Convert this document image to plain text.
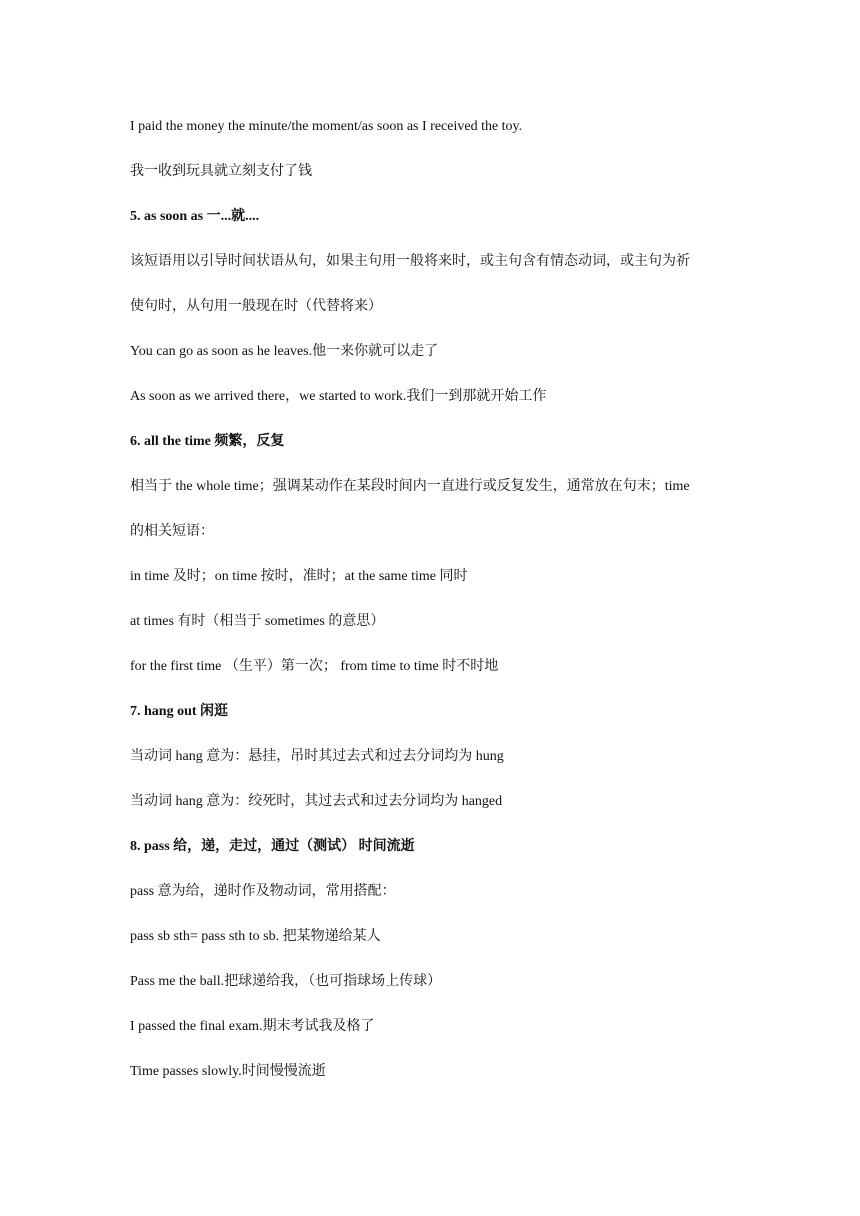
I paid the money the minute/the moment/as soon as I received the toy.
我一收到玩具就立刻支付了钱
5. as soon as 一...就....
该短语用以引导时间状语从句，如果主句用一般将来时，或主句含有情态动词，或主句为祈
使句时，从句用一般现在时（代替将来）
You can go as soon as he leaves.他一来你就可以走了
As soon as we arrived there，we started to work.我们一到那就开始工作
6. all the time 频繁，反复
相当于 the whole time；强调某动作在某段时间内一直进行或反复发生，通常放在句末；time
的相关短语：
in time 及时；on time 按时，准时；at the same time 同时
at times 有时（相当于 sometimes 的意思）
for the first time （生平）第一次； from time to time 时不时地
7. hang out 闲逛
当动词 hang 意为：悬挂，吊时其过去式和过去分词均为 hung
当动词 hang 意为：绞死时，其过去式和过去分词均为 hanged
8. pass 给，递，走过，通过（测试） 时间流逝
pass 意为给，递时作及物动词，常用搭配：
pass sb sth= pass sth to sb. 把某物递给某人
Pass me the ball.把球递给我，（也可指球场上传球）
I passed the final exam.期末考试我及格了
Time passes slowly.时间慢慢流逝
